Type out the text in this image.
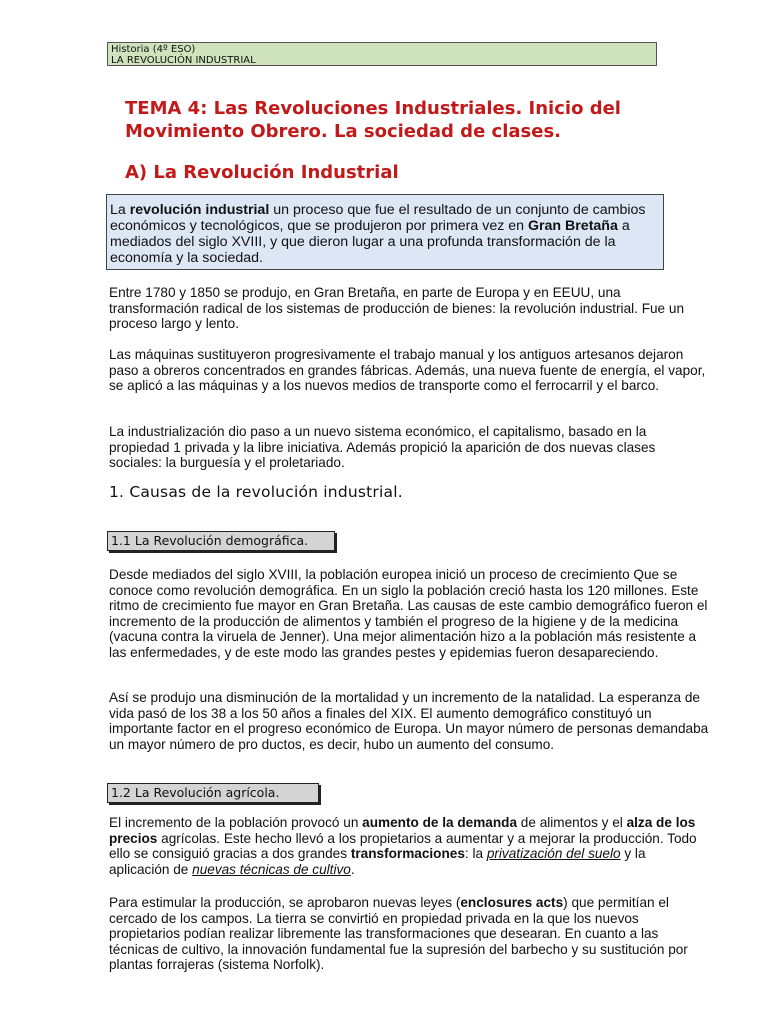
Historia (4º ESO)
LA REVOLUCIÓN INDUSTRIAL
TEMA 4: Las Revoluciones Industriales. Inicio del Movimiento Obrero. La sociedad de clases.
A) La Revolución Industrial
La revolución industrial un proceso que fue el resultado de un conjunto de cambios económicos y tecnológicos, que se produjeron por primera vez en Gran Bretaña a mediados del siglo XVIII, y que dieron lugar a una profunda transformación de la economía y la sociedad.

Entre 1780 y 1850 se produjo, en Gran Bretaña, en parte de Europa y en EEUU, una transformación radical de los sistemas de producción de bienes: la revolución industrial. Fue un proceso largo y lento.

Las máquinas sustituyeron progresivamente el trabajo manual y los antiguos artesanos dejaron paso a obreros concentrados en grandes fábricas. Además, una nueva fuente de energía, el vapor, se aplicó a las máquinas y a los nuevos medios de transporte como el ferrocarril y el barco.

La industrialización dio paso a un nuevo sistema económico, el capitalismo, basado en la propiedad 1 privada y la libre iniciativa. Además propició la aparición de dos nuevas clases sociales: la burguesía y el proletariado.

1. Causas de la revolución industrial.
1.1 La Revolución demográfica.

Desde mediados del siglo XVIII, la población europea inició un proceso de crecimiento Que se conoce como revolución demográfica. En un siglo la población creció hasta los 120 millones. Este ritmo de crecimiento fue mayor en Gran Bretaña. Las causas de este cambio demográfico fueron el incremento de la producción de alimentos y también el progreso de la higiene y de la medicina (vacuna contra la viruela de Jenner). Una mejor alimentación hizo a la población más resistente a las enfermedades, y de este modo las grandes pestes y epidemias fueron desapareciendo.

Así se produjo una disminución de la mortalidad y un incremento de la natalidad. La esperanza de vida pasó de los 38 a los 50 años a finales del XIX. El aumento demográfico constituyó un importante factor en el progreso económico de Europa. Un mayor número de personas demandaba un mayor número de pro ductos, es decir, hubo un aumento del consumo.

1.2 La Revolución agrícola.

El incremento de la población provocó un aumento de la demanda de alimentos y el alza de los precios agrícolas. Este hecho llevó a los propietarios a aumentar y a mejorar la producción. Todo ello se consiguió gracias a dos grandes transformaciones: la privatización del suelo y la aplicación de nuevas técnicas de cultivo.

Para estimular la producción, se aprobaron nuevas leyes (enclosures acts) que permitían el cercado de los campos. La tierra se convirtió en propiedad privada en la que los nuevos propietarios podían realizar libremente las transformaciones que desearan. En cuanto a las técnicas de cultivo, la innovación fundamental fue la supresión del barbecho y su sustitución por plantas forrajeras (sistema Norfolk).
